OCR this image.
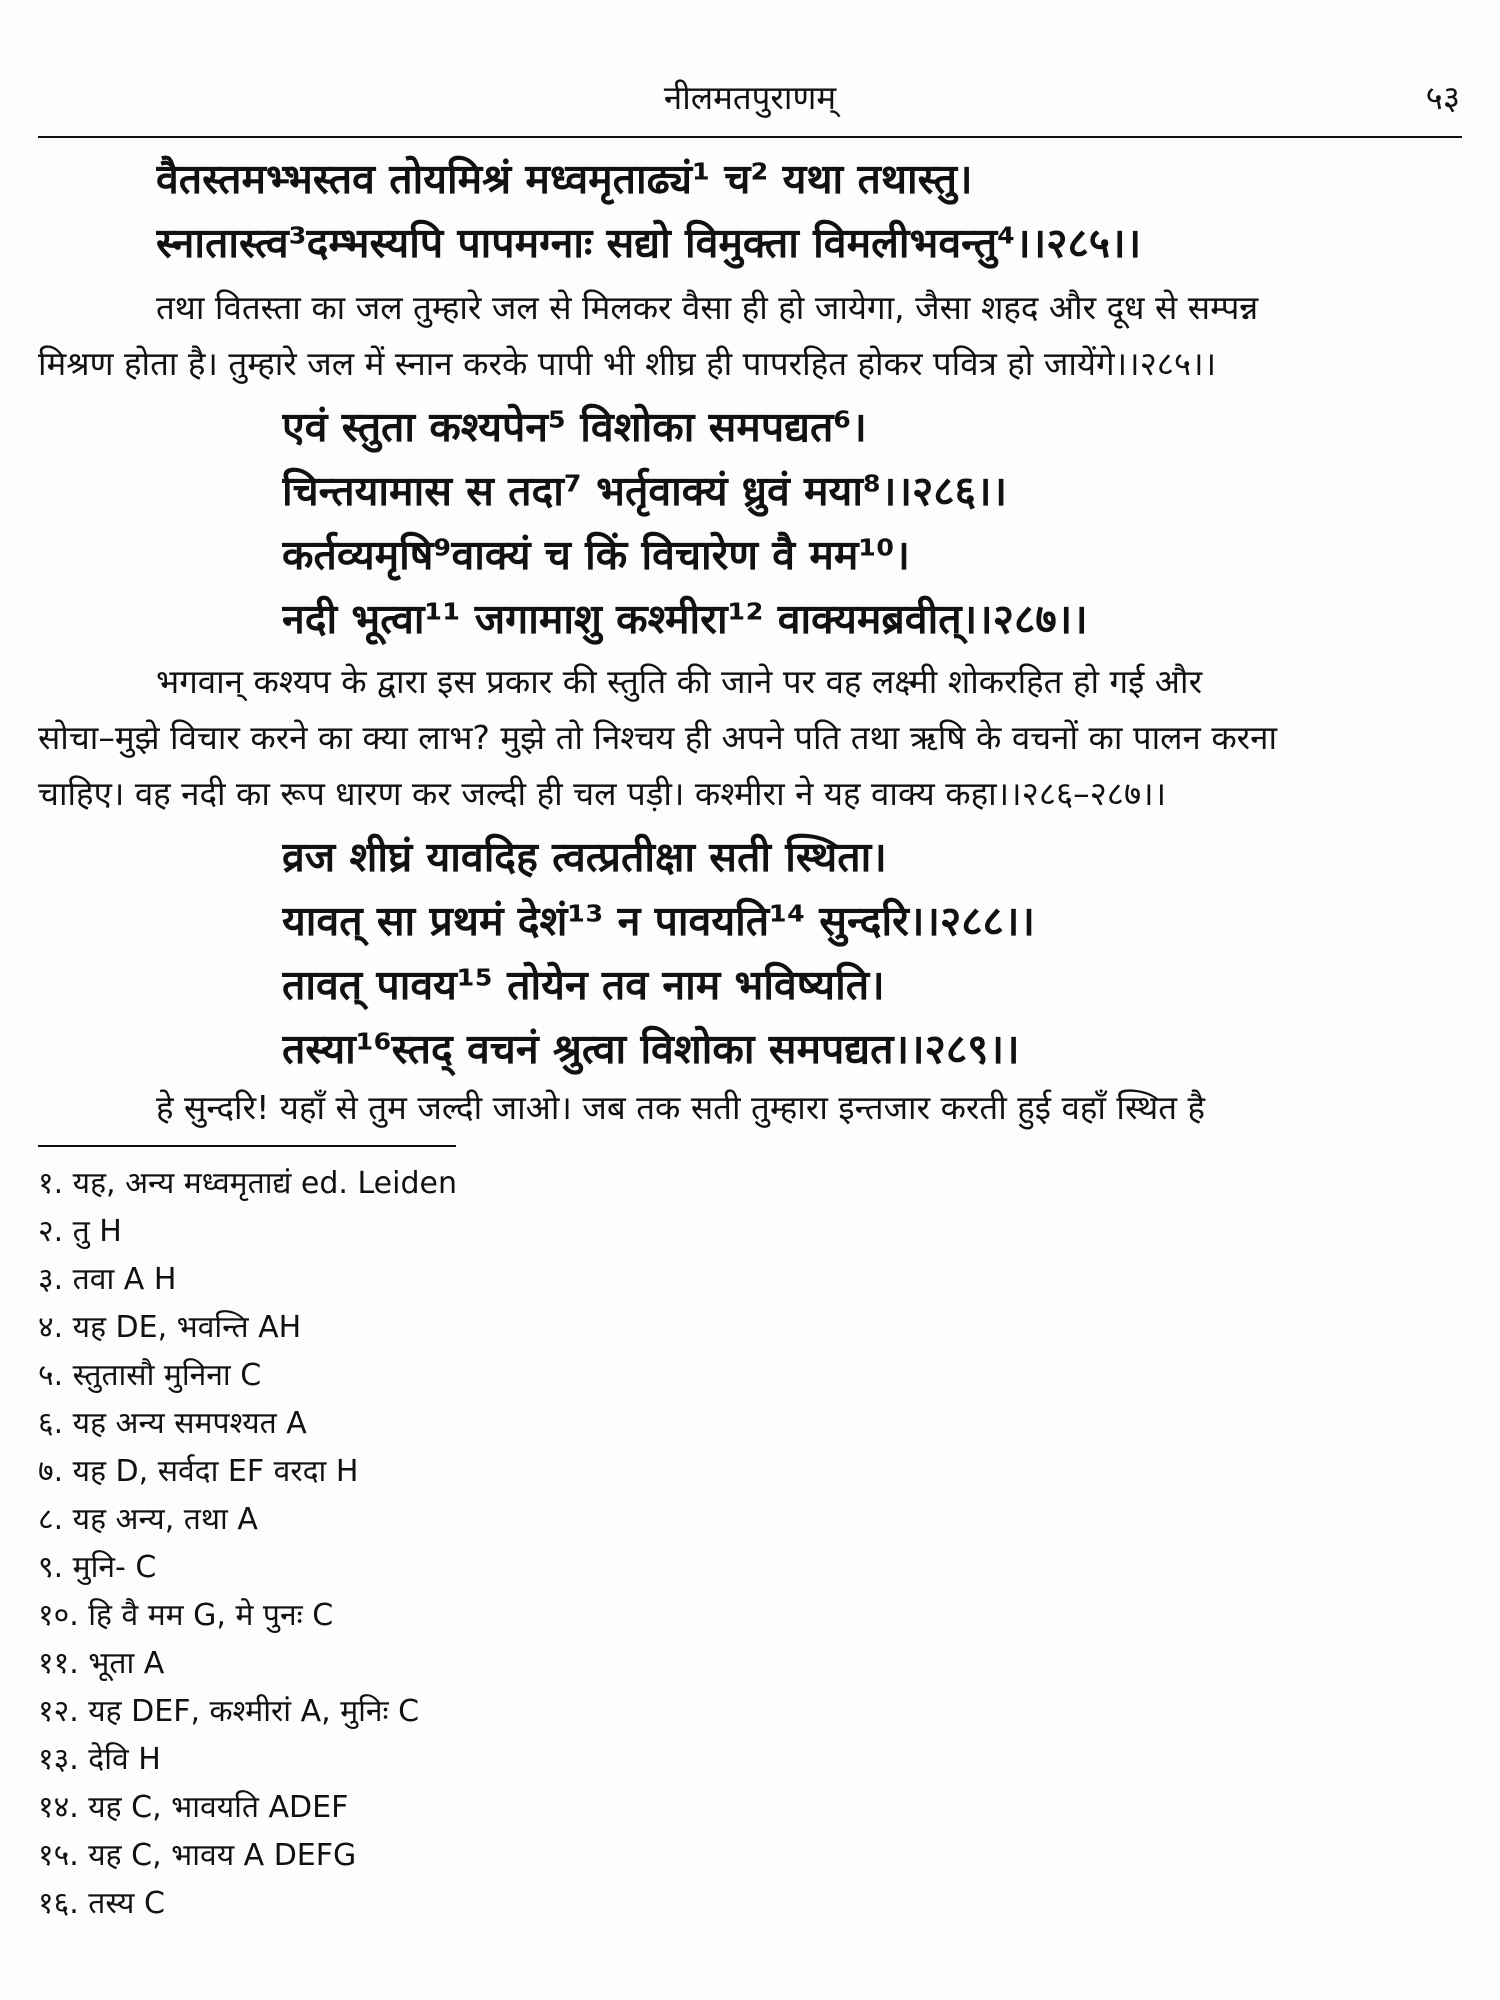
नीलमतपुराणम्	५३
वैतस्तमभ्भस्तव तोयमिश्रं मध्वमृताढ्यं¹ च² यथा तथास्तु।
स्नातास्त्व³दम्भस्यपि पापमग्नाः सद्यो विमुक्ता विमलीभवन्तु⁴।।२८५।।
तथा वितस्ता का जल तुम्हारे जल से मिलकर वैसा ही हो जायेगा, जैसा शहद और दूध से सम्पन्न
मिश्रण होता है। तुम्हारे जल में स्नान करके पापी भी शीघ्र ही पापरहित होकर पवित्र हो जायेंगे।।२८५।।
एवं स्तुता कश्यपेन⁵ विशोका समपद्यत⁶।
चिन्तयामास स तदा⁷ भर्तृवाक्यं ध्रुवं मया⁸।।२८६।।
कर्तव्यमृषि⁹वाक्यं च किं विचारेण वै मम¹⁰।
नदी भूत्वा¹¹ जगामाशु कश्मीरा¹² वाक्यमब्रवीत्।।२८७।।
भगवान् कश्यप के द्वारा इस प्रकार की स्तुति की जाने पर वह लक्ष्मी शोकरहित हो गई और
सोचा–मुझे विचार करने का क्या लाभ? मुझे तो निश्चय ही अपने पति तथा ऋषि के वचनों का पालन करना
चाहिए। वह नदी का रूप धारण कर जल्दी ही चल पड़ी। कश्मीरा ने यह वाक्य कहा।।२८६–२८७।।
व्रज शीघ्रं यावदिह त्वत्प्रतीक्षा सती स्थिता।
यावत् सा प्रथमं देशं¹³ न पावयति¹⁴ सुन्दरि।।२८८।।
तावत् पावय¹⁵ तोयेन तव नाम भविष्यति।
तस्या¹⁶स्तद् वचनं श्रुत्वा विशोका समपद्यत।।२८९।।
हे सुन्दरि! यहाँ से तुम जल्दी जाओ। जब तक सती तुम्हारा इन्तजार करती हुई वहाँ स्थित है
१. यह, अन्य मध्वमृताद्यं ed. Leiden
२. तु H
३. तवा A H
४. यह DE, भवन्ति AH
५. स्तुतासौ मुनिना C
६. यह अन्य समपश्यत A
७. यह D, सर्वदा EF वरदा H
८. यह अन्य, तथा A
९. मुनि- C
१०. हि वै मम G, मे पुनः C
११. भूता A
१२. यह DEF, कश्मीरां A, मुनिः C
१३. देवि H
१४. यह C, भावयति ADEF
१५. यह C, भावय A DEFG
१६. तस्य C
